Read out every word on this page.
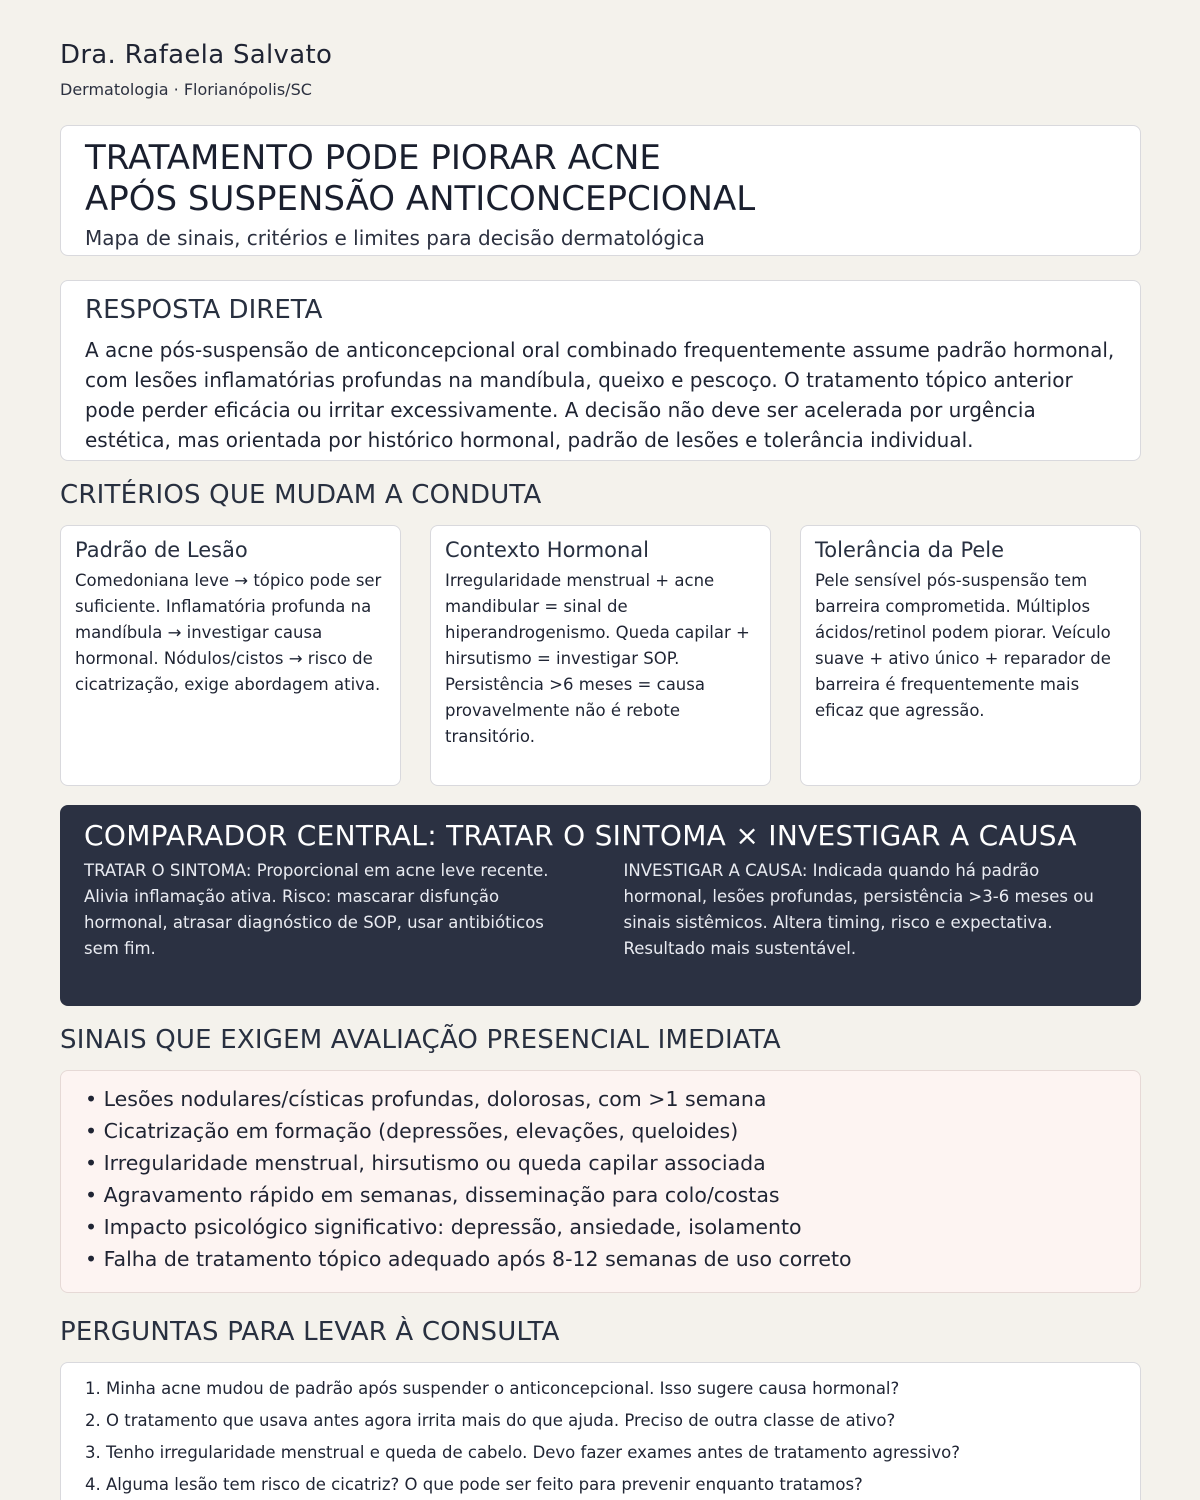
Dra. Rafaela Salvato
Dermatologia · Florianópolis/SC
TRATAMENTO PODE PIORAR ACNE
APÓS SUSPENSÃO ANTICONCEPCIONAL
Mapa de sinais, critérios e limites para decisão dermatológica
RESPOSTA DIRETA
A acne pós-suspensão de anticoncepcional oral combinado frequentemente assume padrão hormonal, com lesões inflamatórias profundas na mandíbula, queixo e pescoço. O tratamento tópico anterior pode perder eficácia ou irritar excessivamente. A decisão não deve ser acelerada por urgência estética, mas orientada por histórico hormonal, padrão de lesões e tolerância individual.
CRITÉRIOS QUE MUDAM A CONDUTA
Padrão de Lesão
Comedoniana leve → tópico pode ser suficiente. Inflamatória profunda na mandíbula → investigar causa hormonal. Nódulos/cistos → risco de cicatrização, exige abordagem ativa.
Contexto Hormonal
Irregularidade menstrual + acne mandibular = sinal de hiperandrogenismo. Queda capilar + hirsutismo = investigar SOP. Persistência >6 meses = causa provavelmente não é rebote transitório.
Tolerância da Pele
Pele sensível pós-suspensão tem barreira comprometida. Múltiplos ácidos/retinol podem piorar. Veículo suave + ativo único + reparador de barreira é frequentemente mais eficaz que agressão.
COMPARADOR CENTRAL: TRATAR O SINTOMA × INVESTIGAR A CAUSA
TRATAR O SINTOMA: Proporcional em acne leve recente. Alivia inflamação ativa. Risco: mascarar disfunção hormonal, atrasar diagnóstico de SOP, usar antibióticos sem fim.
INVESTIGAR A CAUSA: Indicada quando há padrão hormonal, lesões profundas, persistência >3-6 meses ou sinais sistêmicos. Altera timing, risco e expectativa. Resultado mais sustentável.
SINAIS QUE EXIGEM AVALIAÇÃO PRESENCIAL IMEDIATA
• Lesões nodulares/císticas profundas, dolorosas, com >1 semana
• Cicatrização em formação (depressões, elevações, queloides)
• Irregularidade menstrual, hirsutismo ou queda capilar associada
• Agravamento rápido em semanas, disseminação para colo/costas
• Impacto psicológico significativo: depressão, ansiedade, isolamento
• Falha de tratamento tópico adequado após 8-12 semanas de uso correto
PERGUNTAS PARA LEVAR À CONSULTA
1. Minha acne mudou de padrão após suspender o anticoncepcional. Isso sugere causa hormonal?
2. O tratamento que usava antes agora irrita mais do que ajuda. Preciso de outra classe de ativo?
3. Tenho irregularidade menstrual e queda de cabelo. Devo fazer exames antes de tratamento agressivo?
4. Alguma lesão tem risco de cicatriz? O que pode ser feito para prevenir enquanto tratamos?
